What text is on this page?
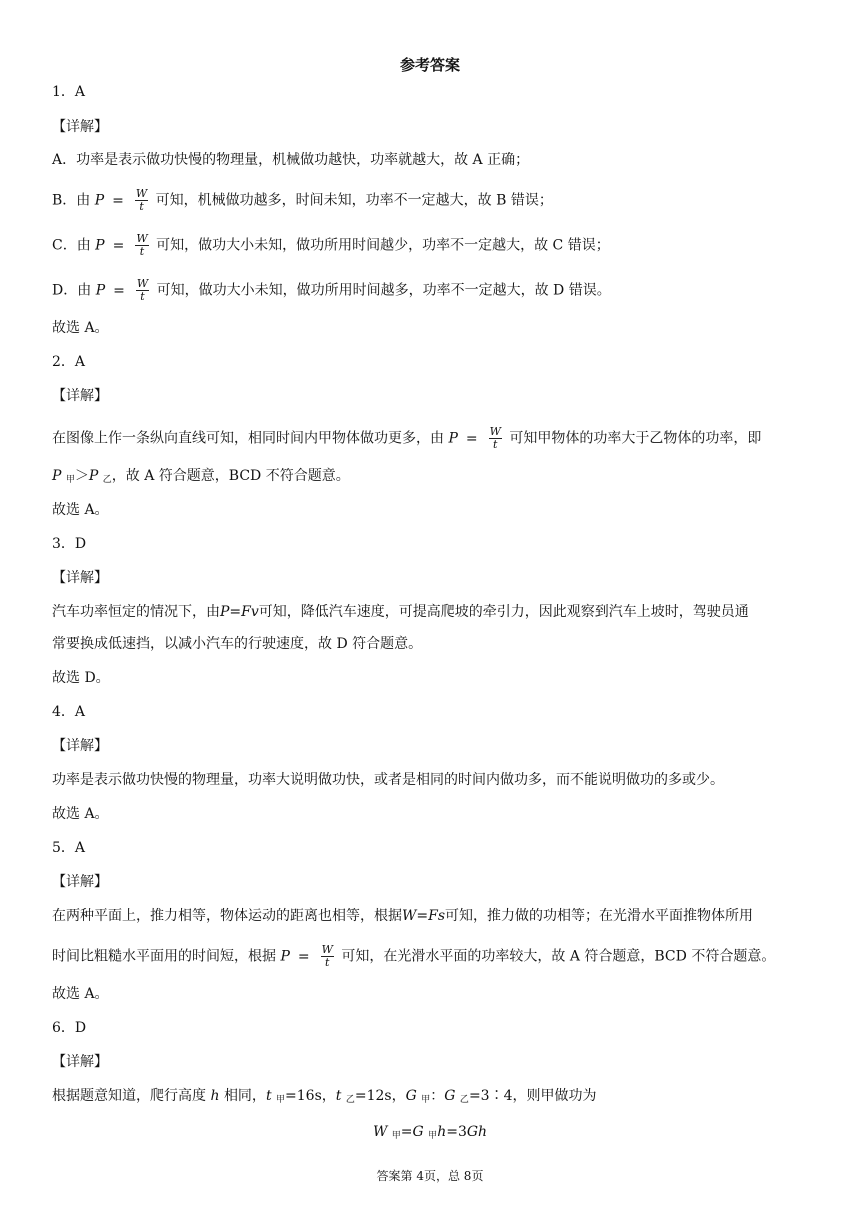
参考答案
1．A
【详解】
A．功率是表示做功快慢的物理量，机械做功越快，功率就越大，故 A 正确；
B．由 $P = \frac{W}{t}$ 可知，机械做功越多，时间未知，功率不一定越大，故 B 错误；
C．由 $P = \frac{W}{t}$ 可知，做功大小未知，做功所用时间越少，功率不一定越大，故 C 错误；
D．由 $P = \frac{W}{t}$ 可知，做功大小未知，做功所用时间越多，功率不一定越大，故 D 错误。
故选 A。
2．A
【详解】
在图像上作一条纵向直线可知，相同时间内甲物体做功更多，由 $P = \frac{W}{t}$ 可知甲物体的功率大于乙物体的功率，即
P $_甲$＞P $_乙$，故 A 符合题意，BCD 不符合题意。
故选 A。
3．D
【详解】
汽车功率恒定的情况下，由P=Fv可知，降低汽车速度，可提高爬坡的牵引力，因此观察到汽车上坡时，驾驶员通
常要换成低速挡，以减小汽车的行驶速度，故 D 符合题意。
故选 D。
4．A
【详解】
功率是表示做功快慢的物理量，功率大说明做功快，或者是相同的时间内做功多，而不能说明做功的多或少。
故选 A。
5．A
【详解】
在两种平面上，推力相等，物体运动的距离也相等，根据W=Fs可知，推力做的功相等；在光滑水平面推物体所用
时间比粗糙水平面用的时间短，根据 $P = \frac{W}{t}$ 可知，在光滑水平面的功率较大，故 A 符合题意，BCD 不符合题意。
故选 A。
6．D
【详解】
根据题意知道，爬行高度 h 相同，t $_甲$=16s，t $_乙$=12s，G $_甲$：G $_乙$=3∶4，则甲做功为
W $_甲$=G $_甲$h=3Gh
答案第 4页，总 8页
